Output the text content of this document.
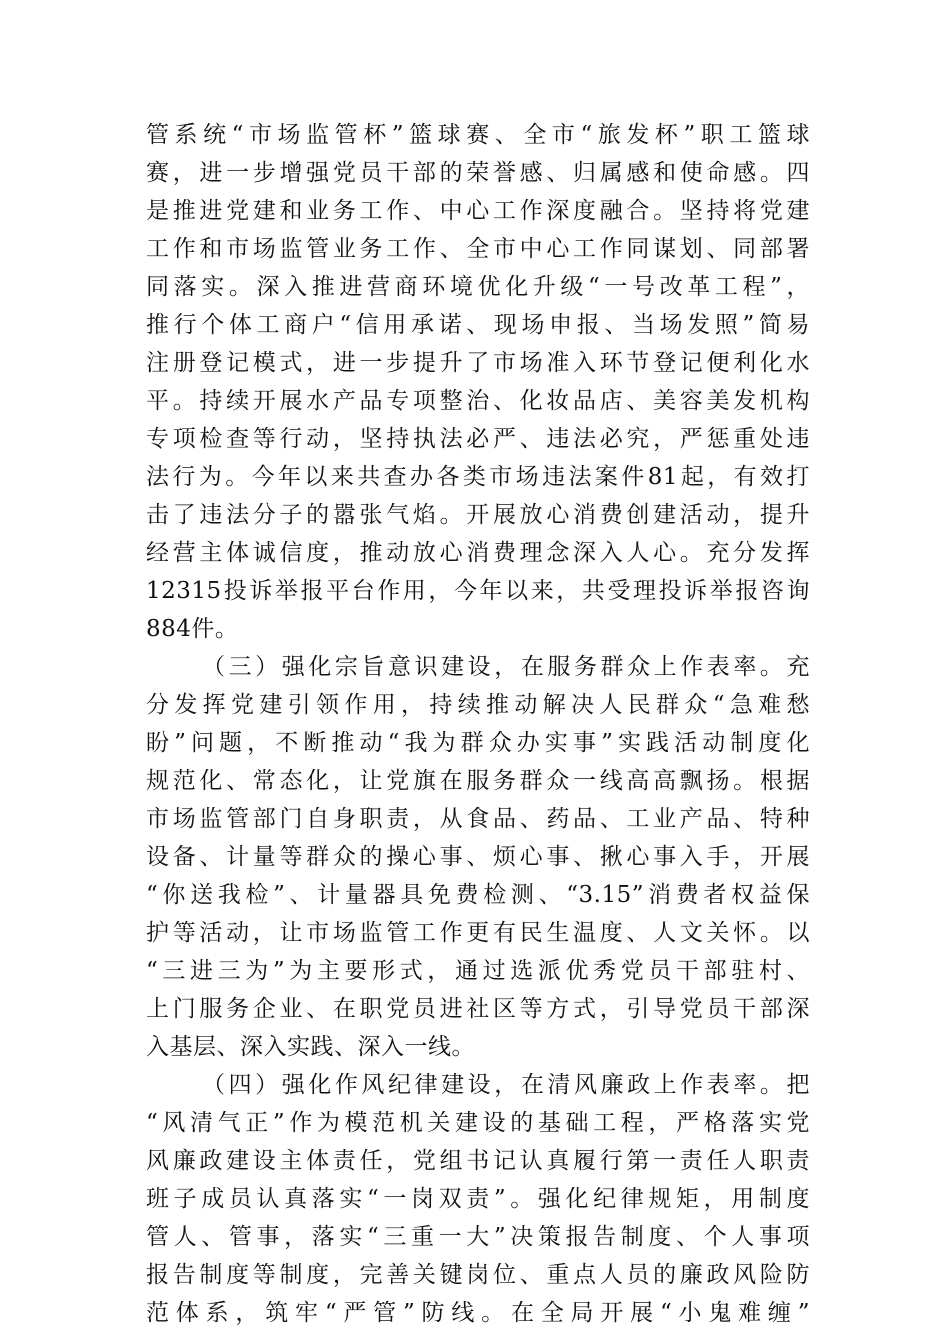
管系统“市场监管杯”篮球赛、全市“旅发杯”职工篮球
赛，进一步增强党员干部的荣誉感、归属感和使命感。四
是推进党建和业务工作、中心工作深度融合。坚持将党建
工作和市场监管业务工作、全市中心工作同谋划、同部署
同落实。深入推进营商环境优化升级“一号改革工程”，
推行个体工商户“信用承诺、现场申报、当场发照”简易
注册登记模式，进一步提升了市场准入环节登记便利化水
平。持续开展水产品专项整治、化妆品店、美容美发机构
专项检查等行动，坚持执法必严、违法必究，严惩重处违
法行为。今年以来共查办各类市场违法案件81起，有效打
击了违法分子的嚣张气焰。开展放心消费创建活动，提升
经营主体诚信度，推动放心消费理念深入人心。充分发挥
12315投诉举报平台作用，今年以来，共受理投诉举报咨询
884件。
（三）强化宗旨意识建设，在服务群众上作表率。充
分发挥党建引领作用，持续推动解决人民群众“急难愁
盼”问题，不断推动“我为群众办实事”实践活动制度化
规范化、常态化，让党旗在服务群众一线高高飘扬。根据
市场监管部门自身职责，从食品、药品、工业产品、特种
设备、计量等群众的操心事、烦心事、揪心事入手，开展
“你送我检”、计量器具免费检测、“3.15”消费者权益保
护等活动，让市场监管工作更有民生温度、人文关怀。以
“三进三为”为主要形式，通过选派优秀党员干部驻村、
上门服务企业、在职党员进社区等方式，引导党员干部深
入基层、深入实践、深入一线。
（四）强化作风纪律建设，在清风廉政上作表率。把
“风清气正”作为模范机关建设的基础工程，严格落实党
风廉政建设主体责任，党组书记认真履行第一责任人职责
班子成员认真落实“一岗双责”。强化纪律规矩，用制度
管人、管事，落实“三重一大”决策报告制度、个人事项
报告制度等制度，完善关键岗位、重点人员的廉政风险防
范体系，筑牢“严管”防线。在全局开展“小鬼难缠”
